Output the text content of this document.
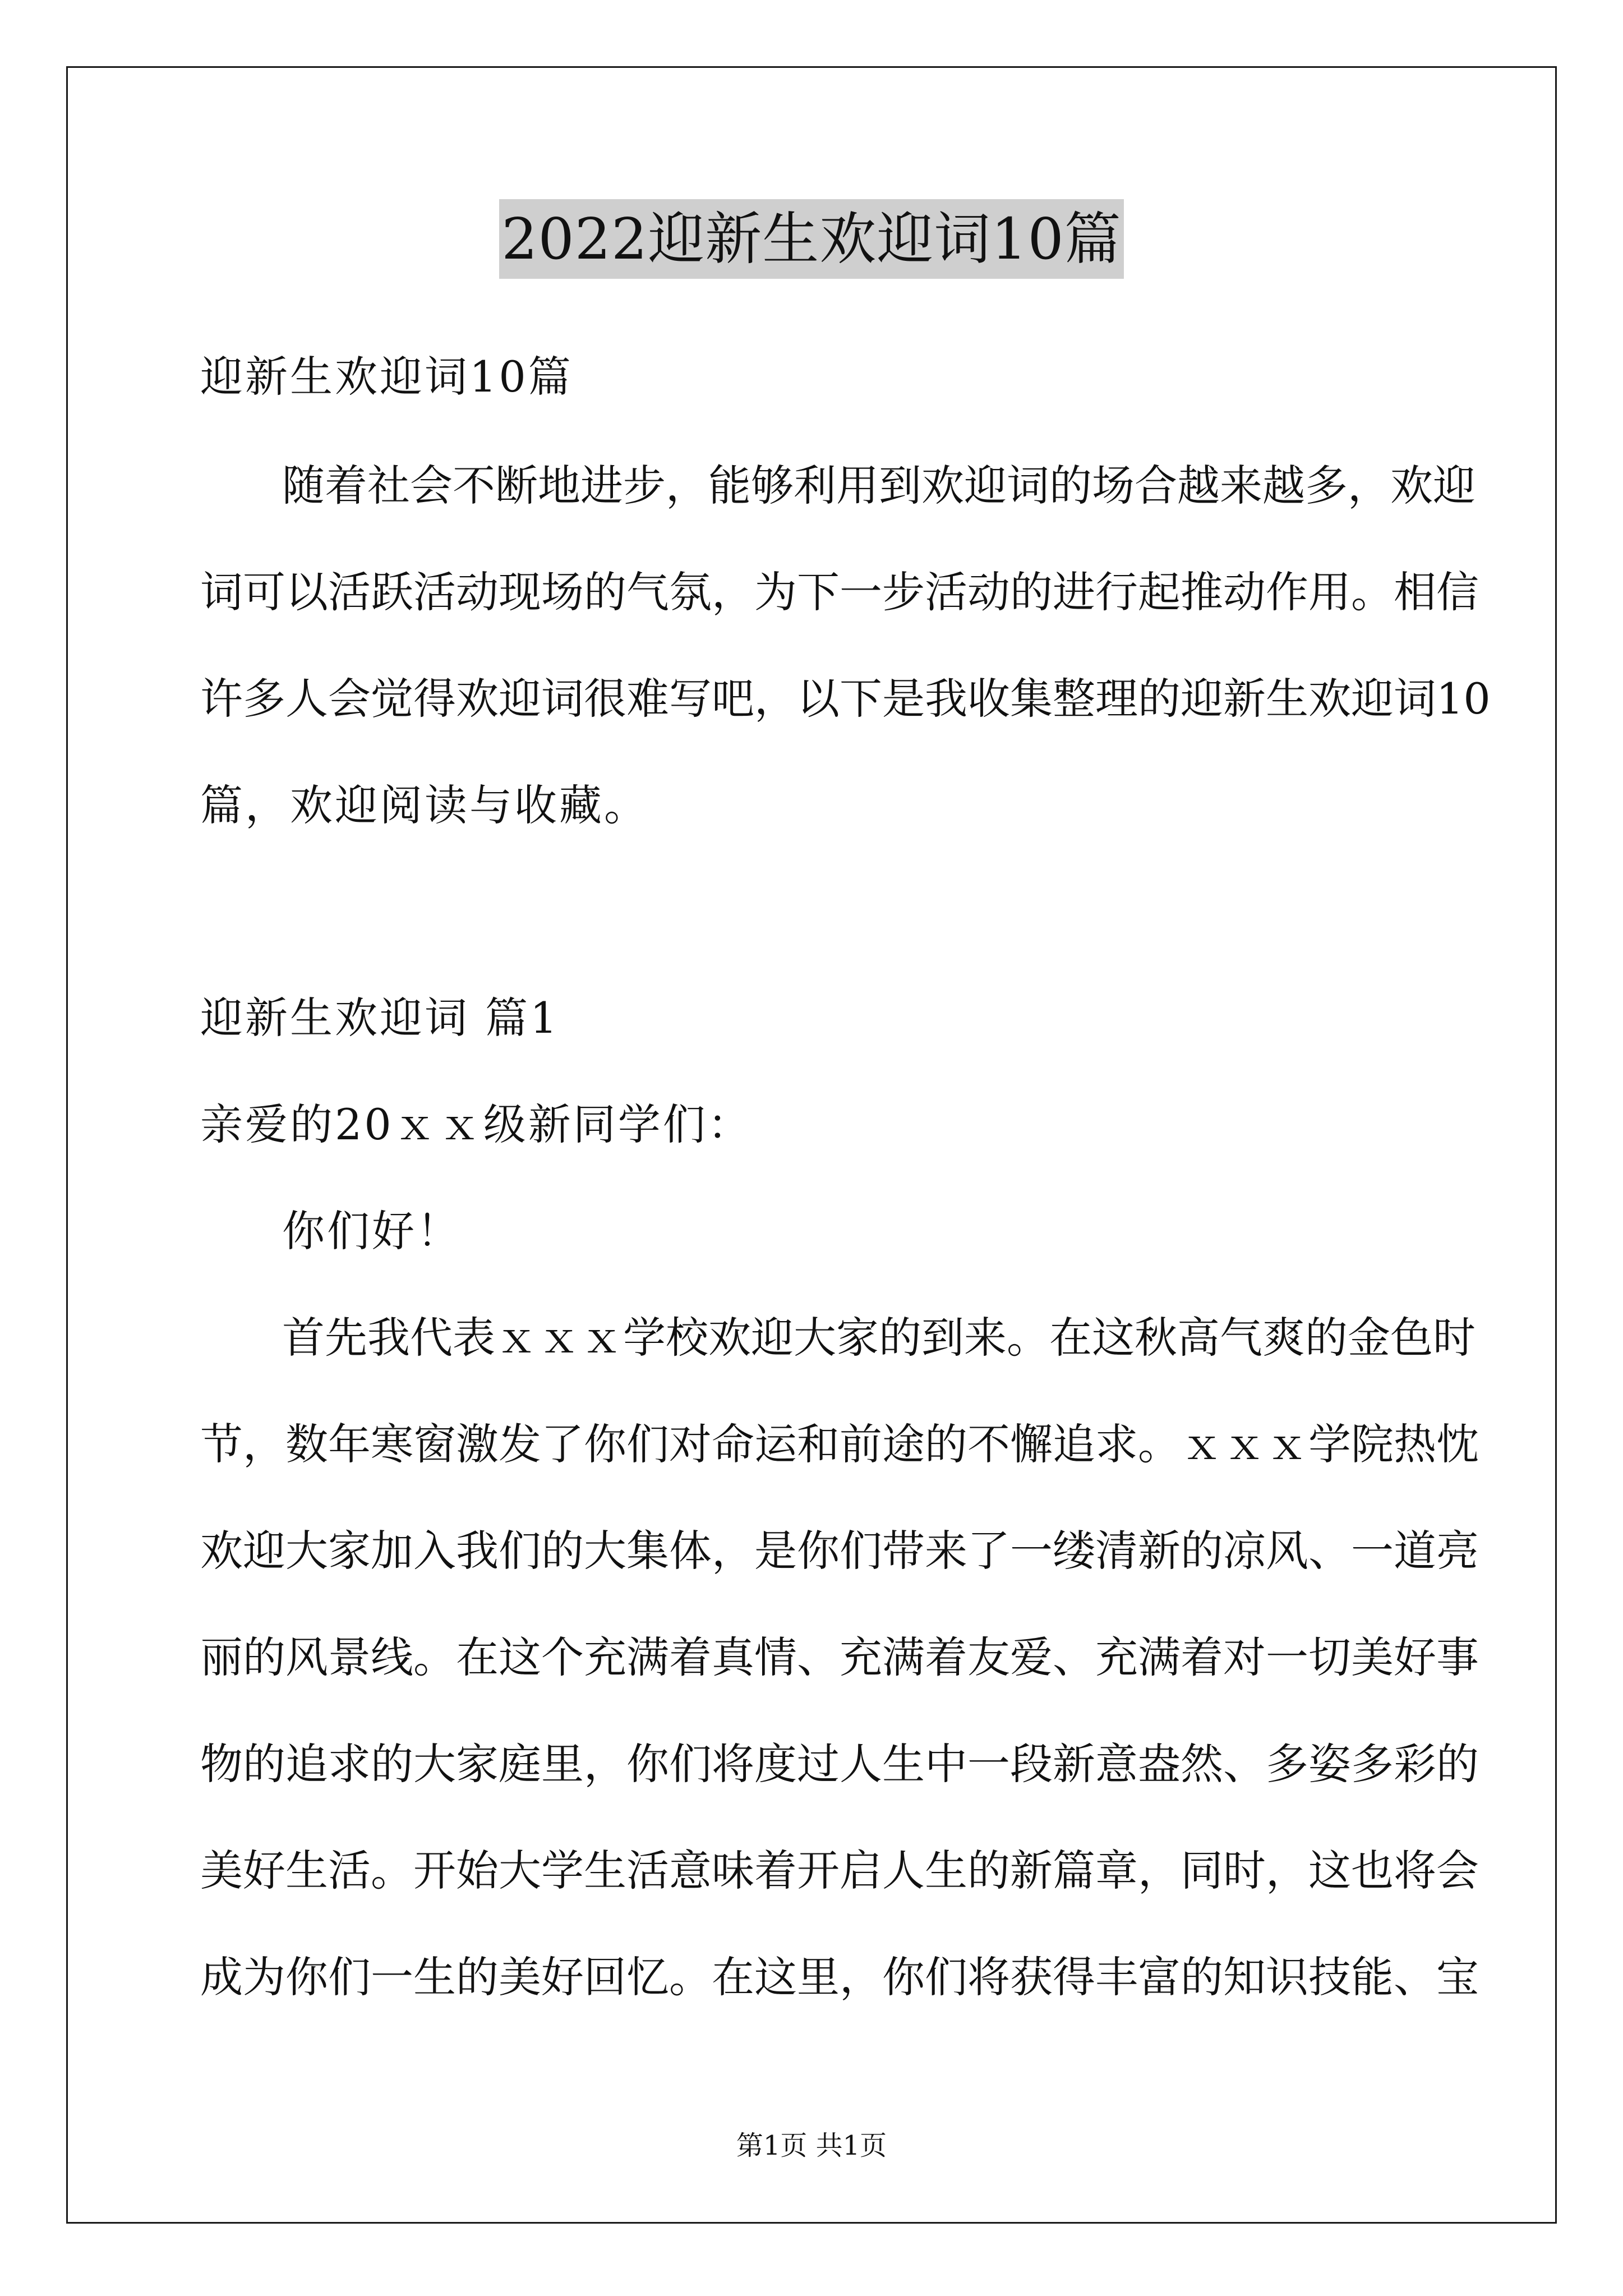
2022迎新生欢迎词10篇
迎新生欢迎词10篇
随着社会不断地进步，能够利用到欢迎词的场合越来越多，欢迎
词可以活跃活动现场的气氛，为下一步活动的进行起推动作用。相信
许多人会觉得欢迎词很难写吧，以下是我收集整理的迎新生欢迎词10
篇，欢迎阅读与收藏。
迎新生欢迎词 篇1
亲爱的20ｘｘ级新同学们：
你们好！
首先我代表ｘｘｘ学校欢迎大家的到来。在这秋高气爽的金色时
节，数年寒窗激发了你们对命运和前途的不懈追求。ｘｘｘ学院热忱
欢迎大家加入我们的大集体，是你们带来了一缕清新的凉风、一道亮
丽的风景线。在这个充满着真情、充满着友爱、充满着对一切美好事
物的追求的大家庭里，你们将度过人生中一段新意盎然、多姿多彩的
美好生活。开始大学生活意味着开启人生的新篇章，同时，这也将会
成为你们一生的美好回忆。在这里，你们将获得丰富的知识技能、宝
第1页 共1页
